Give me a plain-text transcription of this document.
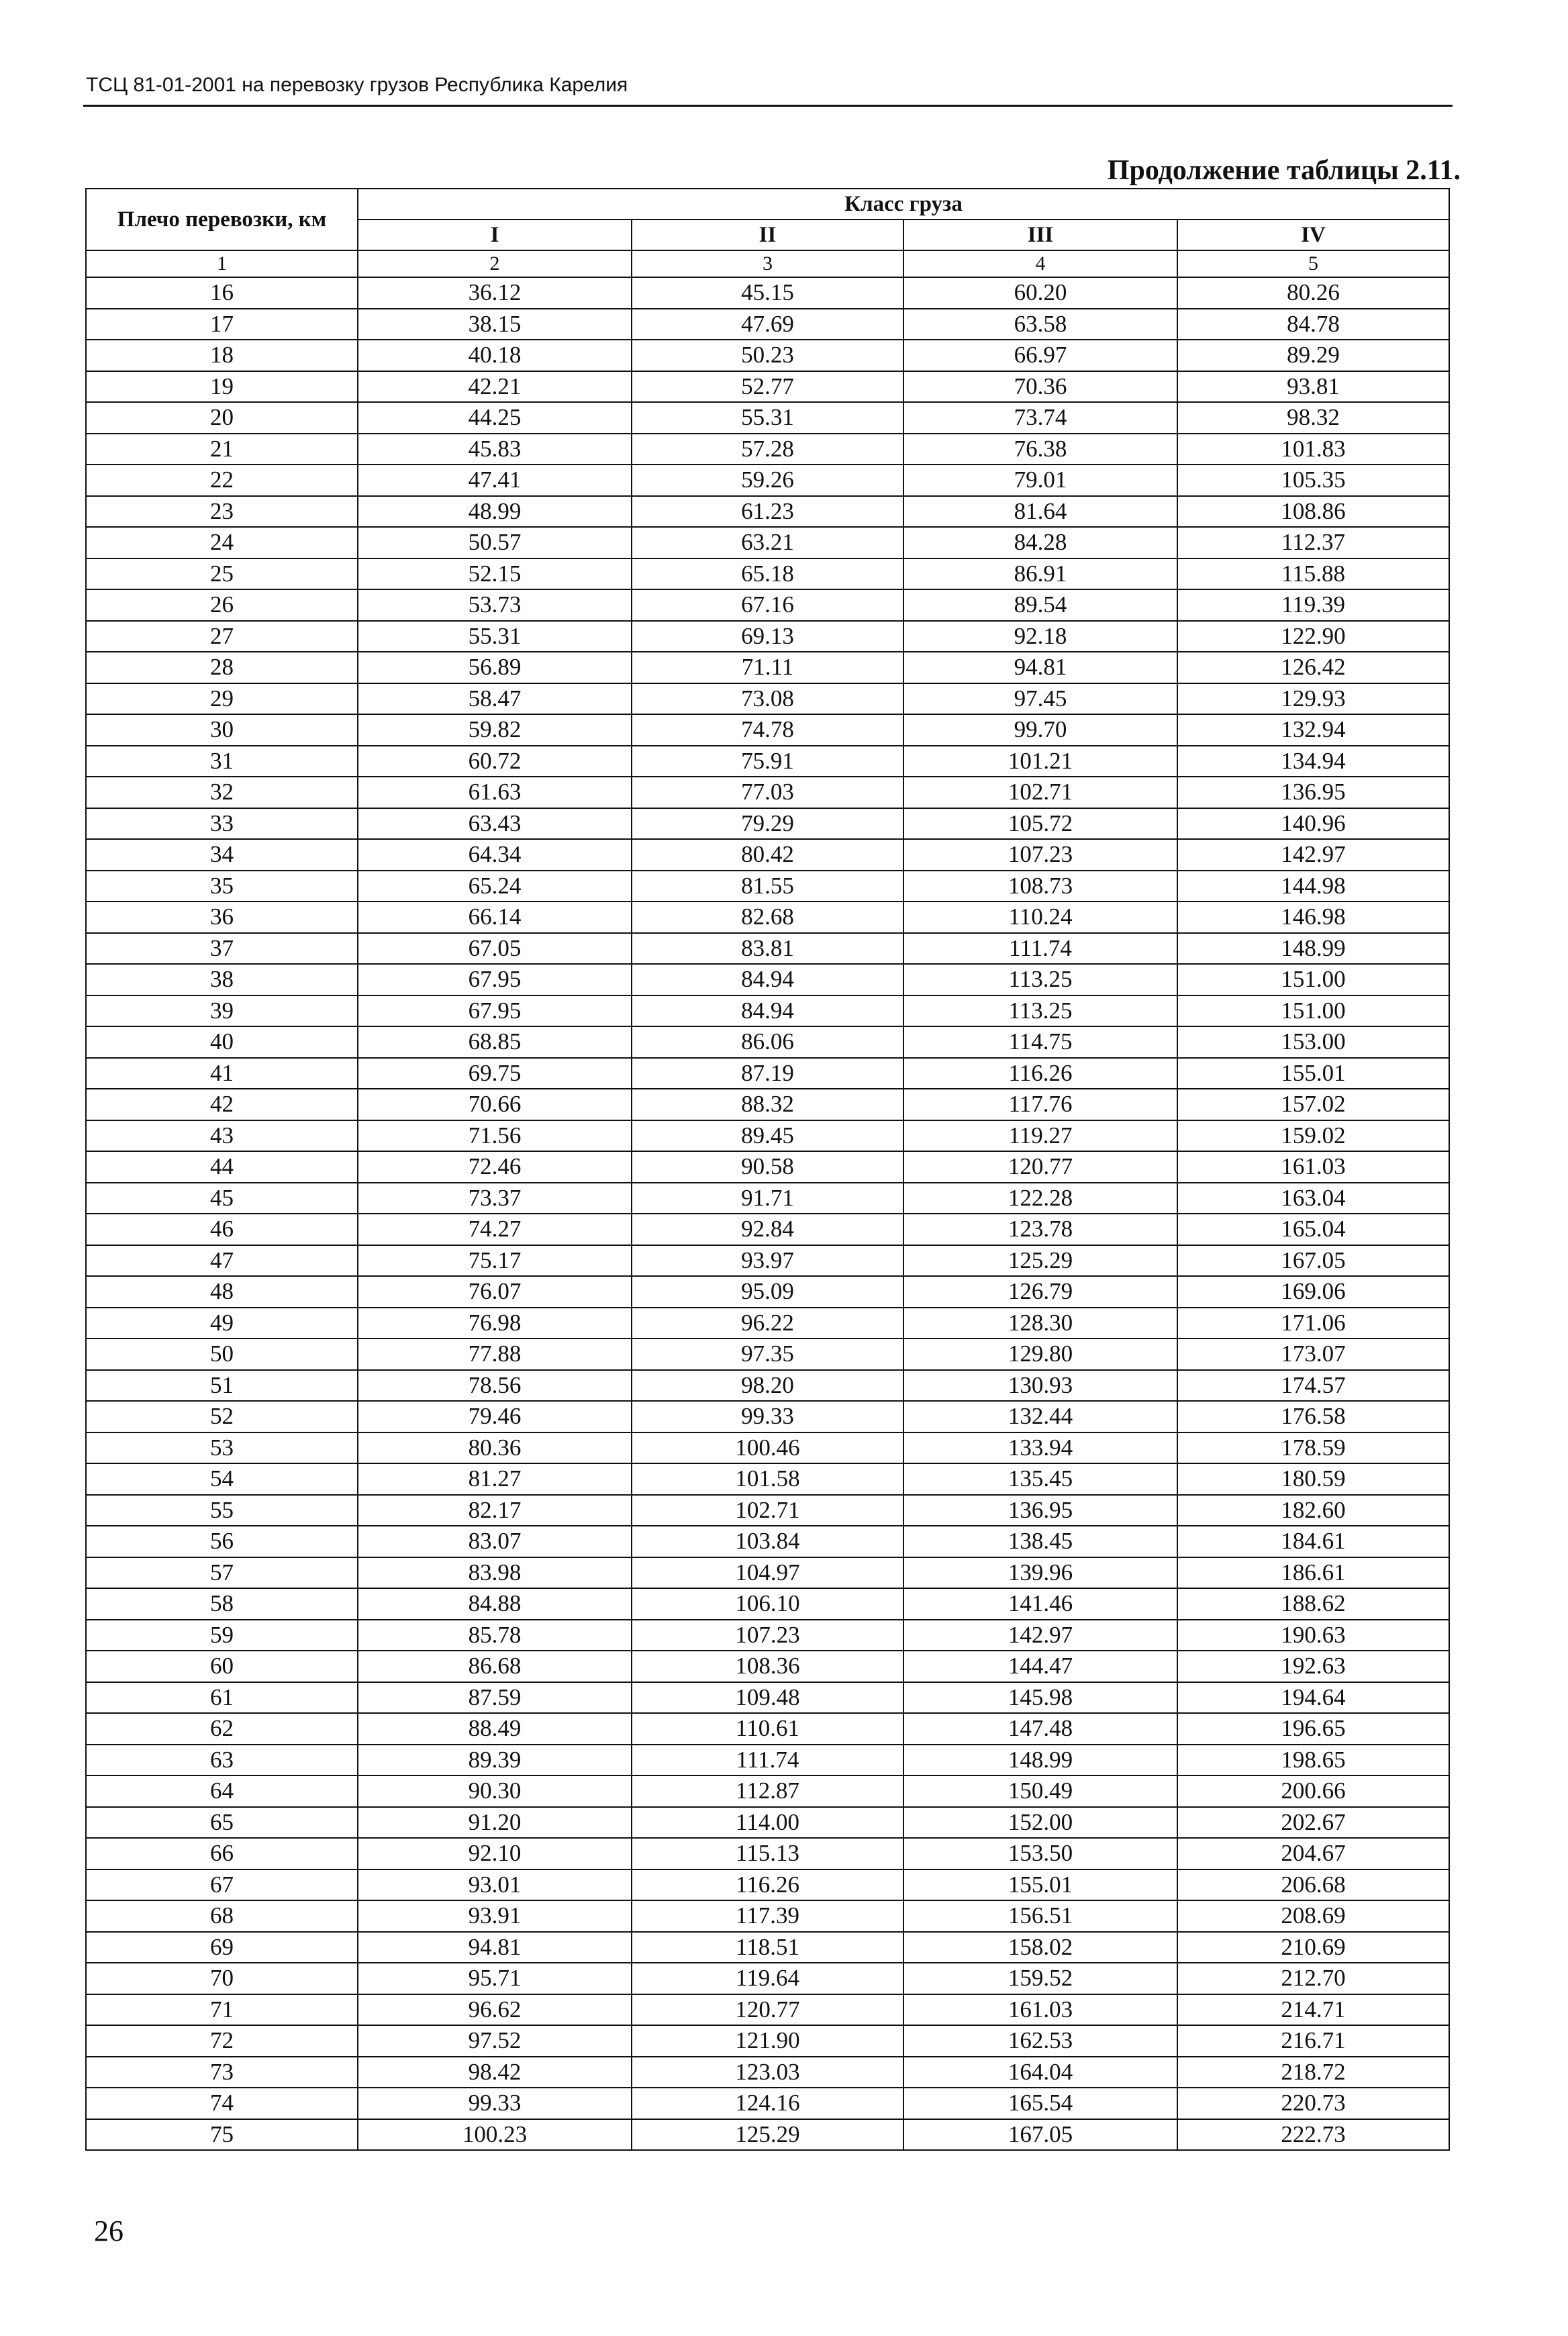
ТСЦ 81-01-2001 на перевозку грузов Республика Карелия
Продолжение таблицы 2.11.
Плечо перевозки, км	Класс груза			
	I	II	III	IV
1	2	3	4	5
16	36.12	45.15	60.20	80.26
17	38.15	47.69	63.58	84.78
18	40.18	50.23	66.97	89.29
19	42.21	52.77	70.36	93.81
20	44.25	55.31	73.74	98.32
21	45.83	57.28	76.38	101.83
22	47.41	59.26	79.01	105.35
23	48.99	61.23	81.64	108.86
24	50.57	63.21	84.28	112.37
25	52.15	65.18	86.91	115.88
26	53.73	67.16	89.54	119.39
27	55.31	69.13	92.18	122.90
28	56.89	71.11	94.81	126.42
29	58.47	73.08	97.45	129.93
30	59.82	74.78	99.70	132.94
31	60.72	75.91	101.21	134.94
32	61.63	77.03	102.71	136.95
33	63.43	79.29	105.72	140.96
34	64.34	80.42	107.23	142.97
35	65.24	81.55	108.73	144.98
36	66.14	82.68	110.24	146.98
37	67.05	83.81	111.74	148.99
38	67.95	84.94	113.25	151.00
39	67.95	84.94	113.25	151.00
40	68.85	86.06	114.75	153.00
41	69.75	87.19	116.26	155.01
42	70.66	88.32	117.76	157.02
43	71.56	89.45	119.27	159.02
44	72.46	90.58	120.77	161.03
45	73.37	91.71	122.28	163.04
46	74.27	92.84	123.78	165.04
47	75.17	93.97	125.29	167.05
48	76.07	95.09	126.79	169.06
49	76.98	96.22	128.30	171.06
50	77.88	97.35	129.80	173.07
51	78.56	98.20	130.93	174.57
52	79.46	99.33	132.44	176.58
53	80.36	100.46	133.94	178.59
54	81.27	101.58	135.45	180.59
55	82.17	102.71	136.95	182.60
56	83.07	103.84	138.45	184.61
57	83.98	104.97	139.96	186.61
58	84.88	106.10	141.46	188.62
59	85.78	107.23	142.97	190.63
60	86.68	108.36	144.47	192.63
61	87.59	109.48	145.98	194.64
62	88.49	110.61	147.48	196.65
63	89.39	111.74	148.99	198.65
64	90.30	112.87	150.49	200.66
65	91.20	114.00	152.00	202.67
66	92.10	115.13	153.50	204.67
67	93.01	116.26	155.01	206.68
68	93.91	117.39	156.51	208.69
69	94.81	118.51	158.02	210.69
70	95.71	119.64	159.52	212.70
71	96.62	120.77	161.03	214.71
72	97.52	121.90	162.53	216.71
73	98.42	123.03	164.04	218.72
74	99.33	124.16	165.54	220.73
75	100.23	125.29	167.05	222.73
26
